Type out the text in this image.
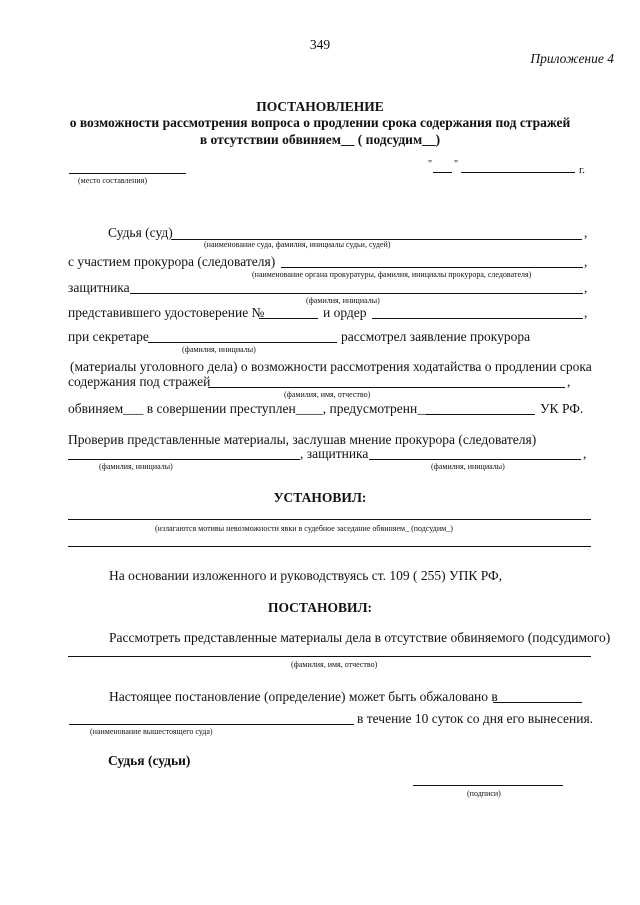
349
Приложение 4
ПОСТАНОВЛЕНИЕ
о возможности рассмотрения вопроса о продлении срока содержания под стражей
в отсутствии обвиняем__ ( подсудим__)
(место составления)
" "	г.
Судья (суд)	,
(наименование суда, фамилия, инициалы судьи, судей)
с участием прокурора (следователя)	,
(наименование органа прокуратуры, фамилия, инициалы прокурора, следователя)
защитника	,
(фамилия, инициалы)
представившего удостоверение №	и ордер	,
при секретаре	рассмотрел заявление прокурора
(фамилия, инициалы)
(материалы уголовного дела) о возможности рассмотрения ходатайства о продлении срока
содержания под стражей	,
(фамилия, имя, отчество)
обвиняем___ в совершении преступлен____, предусмотренн___	УК РФ.
Проверив представленные материалы, заслушав мнение прокурора (следователя)
, защитника	,
(фамилия, инициалы)	(фамилия, инициалы)
УСТАНОВИЛ:
(излагаются мотивы невозможности явки в судебное заседание обвиняем_ (подсудим_)
На основании изложенного и руководствуясь ст. 109 ( 255) УПК РФ,
ПОСТАНОВИЛ:
Рассмотреть представленные материалы дела в отсутствие обвиняемого (подсудимого)
(фамилия, имя, отчество)
Настоящее постановление (определение) может быть обжаловано в
в течение 10 суток со дня его вынесения.
(наименование вышестоящего суда)
Судья (судьи)
(подписи)
